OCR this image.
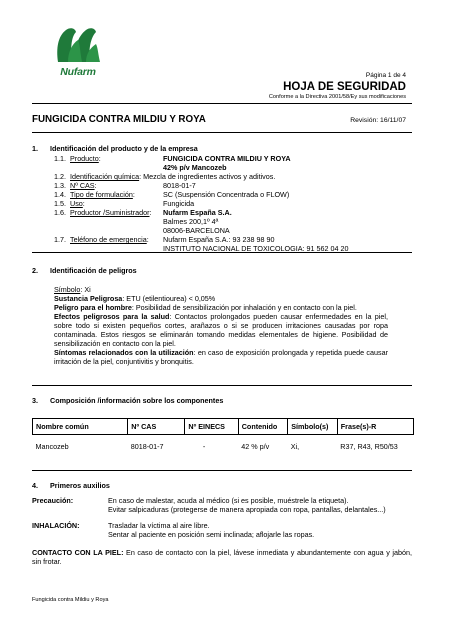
Nufarm	Página 1 de 4
HOJA DE SEGURIDAD
Conforme a la Directiva 2001/58/Ey sus modificaciones
FUNGICIDA CONTRA MILDIU Y ROYA	Revisión: 16/11/07
1. Identificación del producto y de la empresa
1.1. Producto:	FUNGICIDA CONTRA MILDIU Y ROYA
42% p/v Mancozeb
1.2. Identificación química : Mezcla de ingredientes activos y aditivos.
1.3. Nº CAS:	8018-01-7
1.4. Tipo de formulación:	SC (Suspensión Concentrada o FLOW)
1.5. Uso:	Fungicida
1.6. Productor /Suministrador:	Nufarm España S.A.
Balmes 200,1º 4ª
08006-BARCELONA
1.7. Teléfono de emergencia:	Nufarm España S.A.: 93 238 98 90
INSTITUTO NACIONAL DE TOXICOLOGIA: 91 562 04 20
2. Identificación de peligros

Símbolo: Xi

Sustancia Peligrosa: ETU (etilentiourea) < 0,05%

Peligro para el hombre: Posibilidad de sensibilización por inhalación y en contacto con la piel.

Efectos peligrosos para la salud: Contactos prolongados pueden causar enfermedades en la piel, sobre todo si existen pequeños cortes, arañazos o si se producen irritaciones causadas por ropa contaminada. Estos riesgos se eliminarán tomando medidas elementales de higiene. Posibilidad de sensibilización en contacto con la piel.

Síntomas relacionados con la utilización: en caso de exposición prolongada y repetida puede causar irritación de la piel, conjuntivitis y bronquitis.

3. Composición /información sobre los componentes
Nombre común	Nº CAS	Nº EINECS	Contenido	Símbolo(s)	Frase(s)-R
Mancozeb	8018-01-7	-	42 % p/v	Xi,	R37, R43, R50/53
4. Primeros auxilios
Precaución:	En caso de malestar, acuda al médico (si es posible, muéstrele la etiqueta).
Evitar salpicaduras (protegerse de manera apropiada con ropa, pantallas, delantales...)
INHALACIÓN:	Trasladar la víctima al aire libre.
Sentar al paciente en posición semi inclinada; aflojarle las ropas.
CONTACTO CON LA PIEL: En caso de contacto con la piel, lávese inmediata y abundantemente con agua y jabón, sin frotar.
Fungicida contra Mildiu y Roya
